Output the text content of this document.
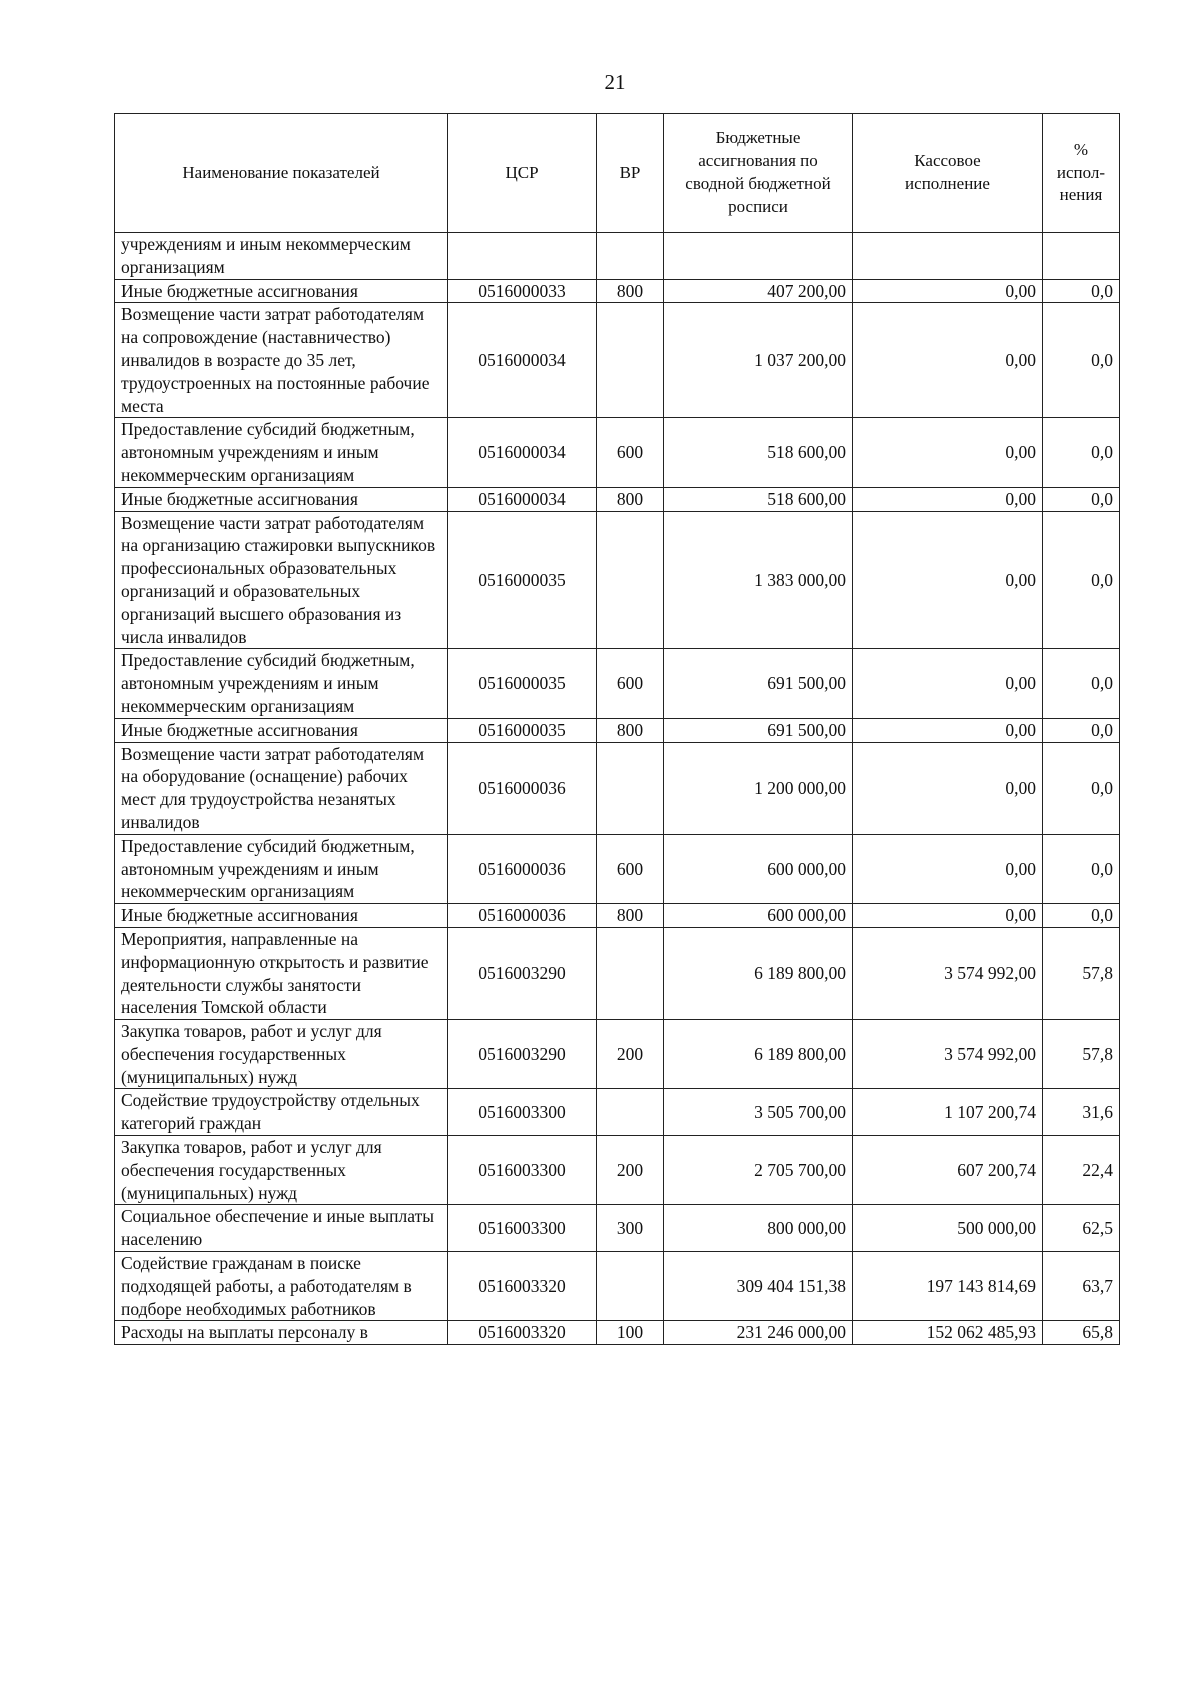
21
Наименование показателей	ЦСР	ВР	Бюджетные ассигнования по сводной бюджетной росписи	Кассовое исполнение	% испол-нения
учреждениям и иным некоммерческим организациям					
Иные бюджетные ассигнования	0516000033	800	407 200,00	0,00	0,0
Возмещение части затрат работодателям на сопровождение (наставничество) инвалидов в возрасте до 35 лет, трудоустроенных на постоянные рабочие места	0516000034		1 037 200,00	0,00	0,0
Предоставление субсидий бюджетным, автономным учреждениям и иным некоммерческим организациям	0516000034	600	518 600,00	0,00	0,0
Иные бюджетные ассигнования	0516000034	800	518 600,00	0,00	0,0
Возмещение части затрат работодателям на организацию стажировки выпускников профессиональных образовательных организаций и образовательных организаций высшего образования из числа инвалидов	0516000035		1 383 000,00	0,00	0,0
Предоставление субсидий бюджетным, автономным учреждениям и иным некоммерческим организациям	0516000035	600	691 500,00	0,00	0,0
Иные бюджетные ассигнования	0516000035	800	691 500,00	0,00	0,0
Возмещение части затрат работодателям на оборудование (оснащение) рабочих мест для трудоустройства незанятых инвалидов	0516000036		1 200 000,00	0,00	0,0
Предоставление субсидий бюджетным, автономным учреждениям и иным некоммерческим организациям	0516000036	600	600 000,00	0,00	0,0
Иные бюджетные ассигнования	0516000036	800	600 000,00	0,00	0,0
Мероприятия, направленные на информационную открытость и развитие деятельности службы занятости населения Томской области	0516003290		6 189 800,00	3 574 992,00	57,8
Закупка товаров, работ и услуг для обеспечения государственных (муниципальных) нужд	0516003290	200	6 189 800,00	3 574 992,00	57,8
Содействие трудоустройству отдельных категорий граждан	0516003300		3 505 700,00	1 107 200,74	31,6
Закупка товаров, работ и услуг для обеспечения государственных (муниципальных) нужд	0516003300	200	2 705 700,00	607 200,74	22,4
Социальное обеспечение и иные выплаты населению	0516003300	300	800 000,00	500 000,00	62,5
Содействие гражданам в поиске подходящей работы, а работодателям в подборе необходимых работников	0516003320		309 404 151,38	197 143 814,69	63,7
Расходы на выплаты персоналу в	0516003320	100	231 246 000,00	152 062 485,93	65,8
